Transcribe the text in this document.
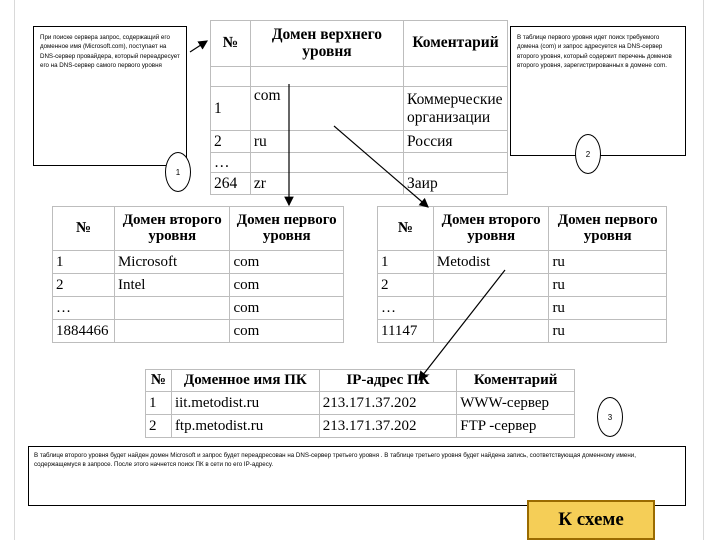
При поиске сервера запрос, содержащий его доменное имя (Microsoft.com), поступает на DNS-сервер провайдера, который переадресует его на DNS-сервер самого первого уровня
1
В таблице первого уровня идет поиск требуемого домена (com) и запрос адресуется на DNS-сервер второго уровня, который содержит перечень доменов второго уровня, зарегистрированных в домене com.
2
№	Домен верхнего уровня	Коментарий

1	com	Коммерческие организации
2	ru	Россия
…		
264	zr	Заир
№	Домен второго уровня	Домен первого уровня
1	Microsoft	com
2	Intel	com
…		com
1884466		com
№	Домен второго уровня	Домен первого уровня
1	Metodist	ru
2		ru
…		ru
11147		ru
№	Доменное имя ПК	IP-адрес ПК	Коментарий
1	iit.metodist.ru	213.171.37.202	WWW-сервер
2	ftp.metodist.ru	213.171.37.202	FTP -сервер
3
В таблице второго уровня будет найден домен Microsoft и запрос будет переадресован на DNS-сервер третьего уровня . В таблице третьего уровня будет найдена запись, соответствующая доменному имени, содержащемуся в запросе. После этого начнется поиск ПК в сети по его IP-адресу.
К схеме
